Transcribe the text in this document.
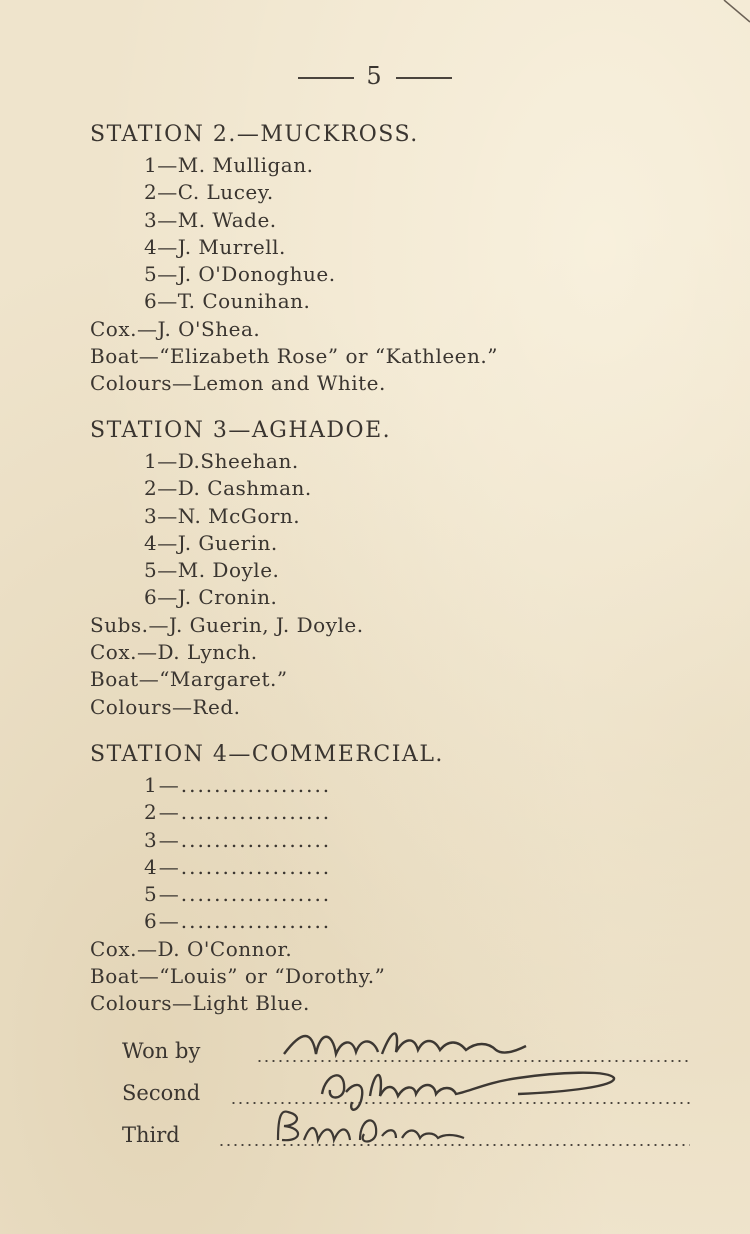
5
STATION 2.—MUCKROSS.
1—M. Mulligan.
2—C. Lucey.
3—M. Wade.
4—J. Murrell.
5—J. O'Donoghue.
6—T. Counihan.
Cox.—J. O'Shea.
Boat—“Elizabeth Rose” or “Kathleen.”
Colours—Lemon and White.
STATION 3—AGHADOE.
1—D.Sheehan.
2—D. Cashman.
3—N. McGorn.
4—J. Guerin.
5—M. Doyle.
6—J. Cronin.
Subs.—J. Guerin, J. Doyle.
Cox.—D. Lynch.
Boat—“Margaret.”
Colours—Red.
STATION 4—COMMERCIAL.
1—..................
2—..................
3—..................
4—..................
5—..................
6—..................
Cox.—D. O'Connor.
Boat—“Louis” or “Dorothy.”
Colours—Light Blue.
Won by
Second
Third
